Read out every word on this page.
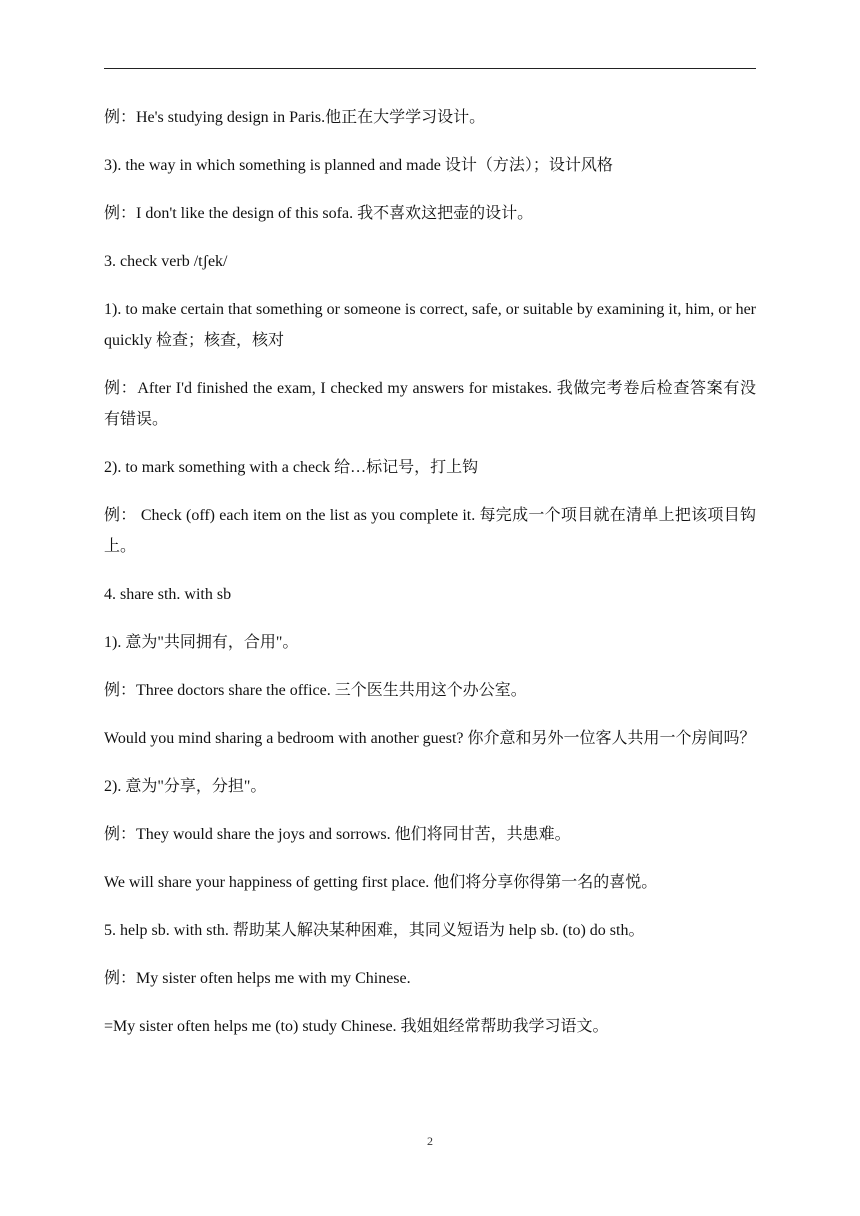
例：He's studying design in Paris.他正在大学学习设计。

3). the way in which something is planned and made 设计（方法）；设计风格

例：I don't like the design of this sofa. 我不喜欢这把壶的设计。

3. check verb /tʃek/

1). to make certain that something or someone is correct, safe, or suitable by examining it, him, or her quickly 检查；核查，核对

例：After I'd finished the exam, I checked my answers for mistakes. 我做完考卷后检查答案有没有错误。

2). to mark something with a check 给…标记号，打上钩

例： Check (off) each item on the list as you complete it. 每完成一个项目就在清单上把该项目钩上。

4. share sth. with sb

1). 意为"共同拥有，合用"。

例：Three doctors share the office. 三个医生共用这个办公室。

Would you mind sharing a bedroom with another guest? 你介意和另外一位客人共用一个房间吗？

2). 意为"分享，分担"。

例：They would share the joys and sorrows. 他们将同甘苦，共患难。

We will share your happiness of getting first place. 他们将分享你得第一名的喜悦。

5. help sb. with sth. 帮助某人解决某种困难，其同义短语为 help sb. (to) do sth。

例：My sister often helps me with my Chinese.

=My sister often helps me (to) study Chinese. 我姐姐经常帮助我学习语文。

2
